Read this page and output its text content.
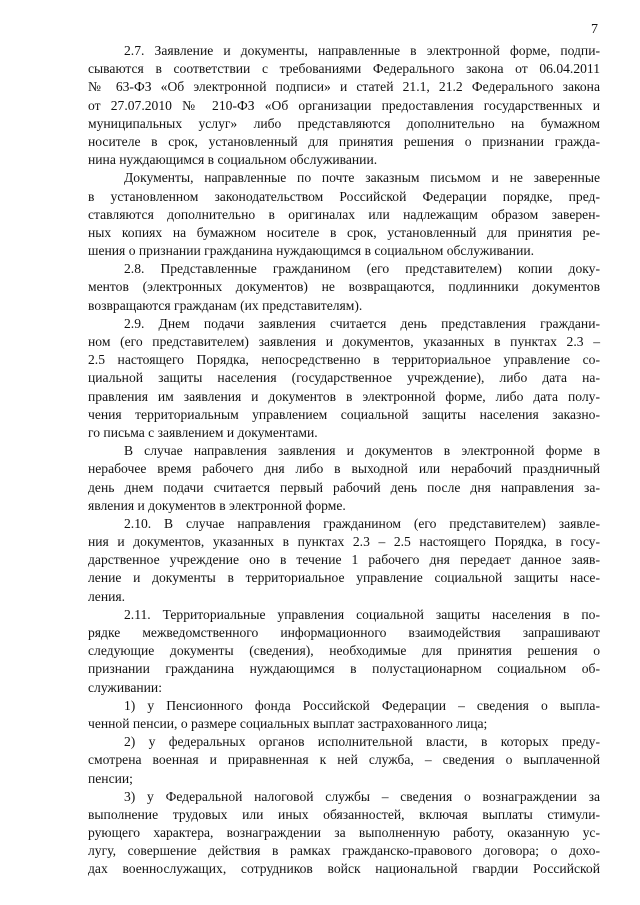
7
2.7. Заявление и документы, направленные в электронной форме, подпи-
сываются в соответствии с требованиями Федерального закона от 06.04.2011
№ 63-ФЗ «Об электронной подписи» и статей 21.1, 21.2 Федерального закона
от 27.07.2010 № 210-ФЗ «Об организации предоставления государственных и
муниципальных услуг» либо представляются дополнительно на бумажном
носителе в срок, установленный для принятия решения о признании гражда-
нина нуждающимся в социальном обслуживании.
Документы, направленные по почте заказным письмом и не заверенные
в установленном законодательством Российской Федерации порядке, пред-
ставляются дополнительно в оригиналах или надлежащим образом заверен-
ных копиях на бумажном носителе в срок, установленный для принятия ре-
шения о признании гражданина нуждающимся в социальном обслуживании.
2.8. Представленные гражданином (его представителем) копии доку-
ментов (электронных документов) не возвращаются, подлинники документов
возвращаются гражданам (их представителям).
2.9. Днем подачи заявления считается день представления граждани-
ном (его представителем) заявления и документов, указанных в пунктах 2.3 –
2.5 настоящего Порядка, непосредственно в территориальное управление со-
циальной защиты населения (государственное учреждение), либо дата на-
правления им заявления и документов в электронной форме, либо дата полу-
чения территориальным управлением социальной защиты населения заказно-
го письма с заявлением и документами.
В случае направления заявления и документов в электронной форме в
нерабочее время рабочего дня либо в выходной или нерабочий праздничный
день днем подачи считается первый рабочий день после дня направления за-
явления и документов в электронной форме.
2.10. В случае направления гражданином (его представителем) заявле-
ния и документов, указанных в пунктах 2.3 – 2.5 настоящего Порядка, в госу-
дарственное учреждение оно в течение 1 рабочего дня передает данное заяв-
ление и документы в территориальное управление социальной защиты насе-
ления.
2.11. Территориальные управления социальной защиты населения в по-
рядке межведомственного информационного взаимодействия запрашивают
следующие документы (сведения), необходимые для принятия решения о
признании гражданина нуждающимся в полустационарном социальном об-
служивании:
1) у Пенсионного фонда Российской Федерации – сведения о выпла-
ченной пенсии, о размере социальных выплат застрахованного лица;
2) у федеральных органов исполнительной власти, в которых преду-
смотрена военная и приравненная к ней служба, – сведения о выплаченной
пенсии;
3) у Федеральной налоговой службы – сведения о вознаграждении за
выполнение трудовых или иных обязанностей, включая выплаты стимули-
рующего характера, вознаграждении за выполненную работу, оказанную ус-
лугу, совершение действия в рамках гражданско-правового договора; о дохо-
дах военнослужащих, сотрудников войск национальной гвардии Российской
